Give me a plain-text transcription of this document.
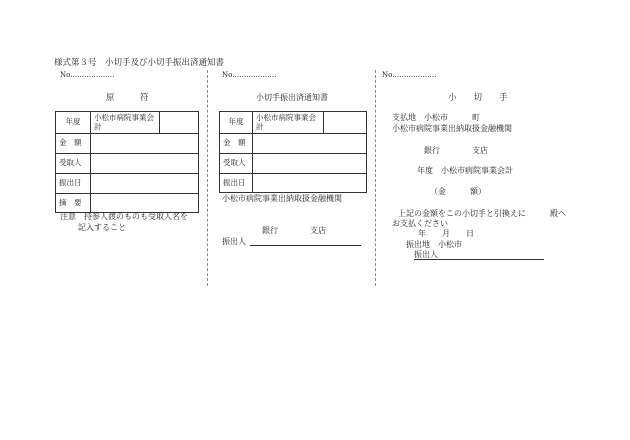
様式第３号　小切手及び小切手振出済通知書
No.………………
原　　　符
年度	小松市病院事業会計	
金　額		
受取人		
振出日		
摘　要		
注意　持参人渡のものも受取人名を
記入すること
No.………………
小切手振出済通知書
年度	小松市病院事業会計	
金　額		
受取人		
振出日		
小松市病院事業出納取扱金融機関
銀行　　　　支店
振出人
No.………………
小　　切　　手
支払地　小松市　　　町
小松市病院事業出納取扱金融機関
銀行　　　　支店
年度　小松市病院事業会計
（金　　　額）
上記の金額をこの小切手と引換えに　　　殿へ
お支払ください
年　　月　　日
振出地　小松市
振出人
